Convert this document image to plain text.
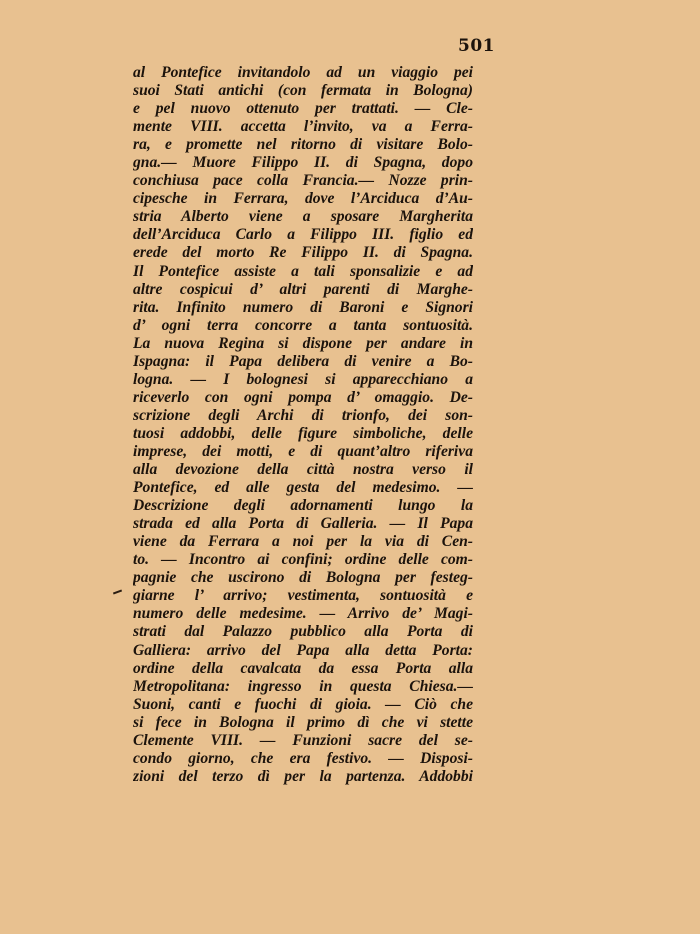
501
al Pontefice invitandolo ad un viaggio pei
suoi Stati antichi (con fermata in Bologna)
e pel nuovo ottenuto per trattati. — Cle-
mente VIII. accetta l’invito, va a Ferra-
ra, e promette nel ritorno di visitare Bolo-
gna.— Muore Filippo II. di Spagna, dopo
conchiusa pace colla Francia.— Nozze prin-
cipesche in Ferrara, dove l’Arciduca d’Au-
stria Alberto viene a sposare Margherita
dell’Arciduca Carlo a Filippo III. figlio ed
erede del morto Re Filippo II. di Spagna.
Il Pontefice assiste a tali sponsalizie e ad
altre cospicui d’ altri parenti di Marghe-
rita. Infinito numero di Baroni e Signori
d’ ogni terra concorre a tanta sontuosità.
La nuova Regina si dispone per andare in
Ispagna: il Papa delibera di venire a Bo-
logna. — I bolognesi si apparecchiano a
riceverlo con ogni pompa d’ omaggio. De-
scrizione degli Archi di trionfo, dei son-
tuosi addobbi, delle figure simboliche, delle
imprese, dei motti, e di quant’altro riferiva
alla devozione della città nostra verso il
Pontefice, ed alle gesta del medesimo. —
Descrizione degli adornamenti lungo la
strada ed alla Porta di Galleria. — Il Papa
viene da Ferrara a noi per la via di Cen-
to. — Incontro ai confini; ordine delle com-
pagnie che uscirono di Bologna per festeg-
giarne l’ arrivo; vestimenta, sontuosità e
numero delle medesime. — Arrivo de’ Magi-
strati dal Palazzo pubblico alla Porta di
Galliera: arrivo del Papa alla detta Porta:
ordine della cavalcata da essa Porta alla
Metropolitana: ingresso in questa Chiesa.—
Suoni, canti e fuochi di gioia. — Ciò che
si fece in Bologna il primo dì che vi stette
Clemente VIII. — Funzioni sacre del se-
condo giorno, che era festivo. — Disposi-
zioni del terzo dì per la partenza. Addobbi
